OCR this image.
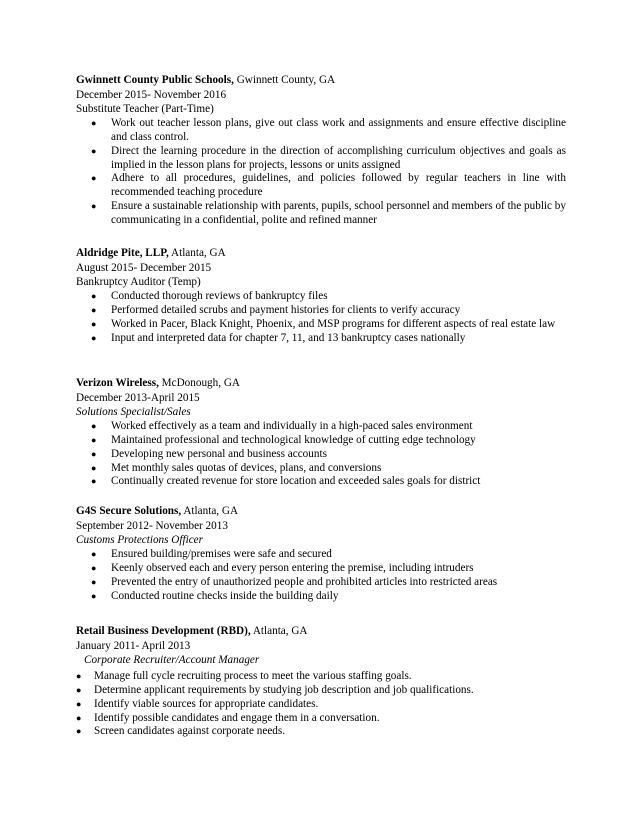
Gwinnett County Public Schools, Gwinnett County, GA
December 2015- November 2016
Substitute Teacher (Part-Time)
● Work out teacher lesson plans, give out class work and assignments and ensure effective discipline and class control.
● Direct the learning procedure in the direction of accomplishing curriculum objectives and goals as implied in the lesson plans for projects, lessons or units assigned
● Adhere to all procedures, guidelines, and policies followed by regular teachers in line with recommended teaching procedure
● Ensure a sustainable relationship with parents, pupils, school personnel and members of the public by communicating in a confidential, polite and refined manner
Aldridge Pite, LLP, Atlanta, GA
August 2015- December 2015
Bankruptcy Auditor (Temp)
● Conducted thorough reviews of bankruptcy files
● Performed detailed scrubs and payment histories for clients to verify accuracy
● Worked in Pacer, Black Knight, Phoenix, and MSP programs for different aspects of real estate law
● Input and interpreted data for chapter 7, 11, and 13 bankruptcy cases nationally
Verizon Wireless, McDonough, GA
December 2013-April 2015
Solutions Specialist/Sales
● Worked effectively as a team and individually in a high-paced sales environment
● Maintained professional and technological knowledge of cutting edge technology
● Developing new personal and business accounts
● Met monthly sales quotas of devices, plans, and conversions
● Continually created revenue for store location and exceeded sales goals for district
G4S Secure Solutions, Atlanta, GA
September 2012- November 2013
Customs Protections Officer
● Ensured building/premises were safe and secured
● Keenly observed each and every person entering the premise, including intruders
● Prevented the entry of unauthorized people and prohibited articles into restricted areas
● Conducted routine checks inside the building daily
Retail Business Development (RBD), Atlanta, GA
January 2011- April 2013
Corporate Recruiter/Account Manager
● Manage full cycle recruiting process to meet the various staffing goals.
● Determine applicant requirements by studying job description and job qualifications.
● Identify viable sources for appropriate candidates.
● Identify possible candidates and engage them in a conversation.
● Screen candidates against corporate needs.
